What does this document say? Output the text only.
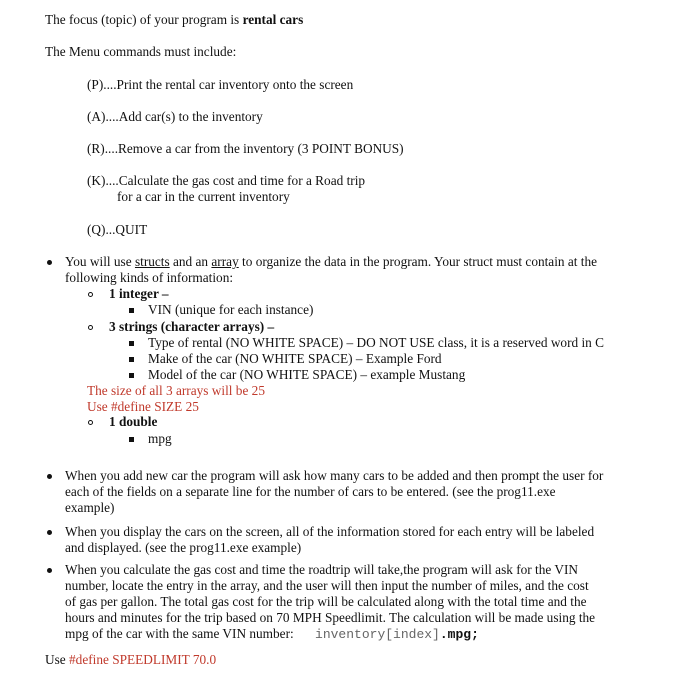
The focus (topic) of your program is rental cars
The Menu commands must include:
(P)....Print the rental car inventory onto the screen
(A)....Add car(s) to the inventory
(R)....Remove a car from the inventory (3 POINT BONUS)
(K)....Calculate the gas cost and time for a Road trip
for a car in the current inventory
(Q)...QUIT
You will use structs and an array to organize the data in the program. Your struct must contain at the
following kinds of information:
1 integer –
VIN (unique for each instance)
3 strings (character arrays) –
Type of rental (NO WHITE SPACE) – DO NOT USE class, it is a reserved word in C
Make of the car (NO WHITE SPACE) – Example Ford
Model of the car (NO WHITE SPACE) – example Mustang
The size of all 3 arrays will be 25
Use #define SIZE 25
1 double
mpg
When you add new car the program will ask how many cars to be added and then prompt the user for
each of the fields on a separate line for the number of cars to be entered. (see the prog11.exe
example)
When you display the cars on the screen, all of the information stored for each entry will be labeled
and displayed. (see the prog11.exe example)
When you calculate the gas cost and time the roadtrip will take,the program will ask for the VIN
number, locate the entry in the array, and the user will then input the number of miles, and the cost
of gas per gallon. The total gas cost for the trip will be calculated along with the total time and the
hours and minutes for the trip based on 70 MPH Speedlimit. The calculation will be made using the
mpg of the car with the same VIN number: inventory[index].mpg;
Use #define SPEEDLIMIT 70.0
